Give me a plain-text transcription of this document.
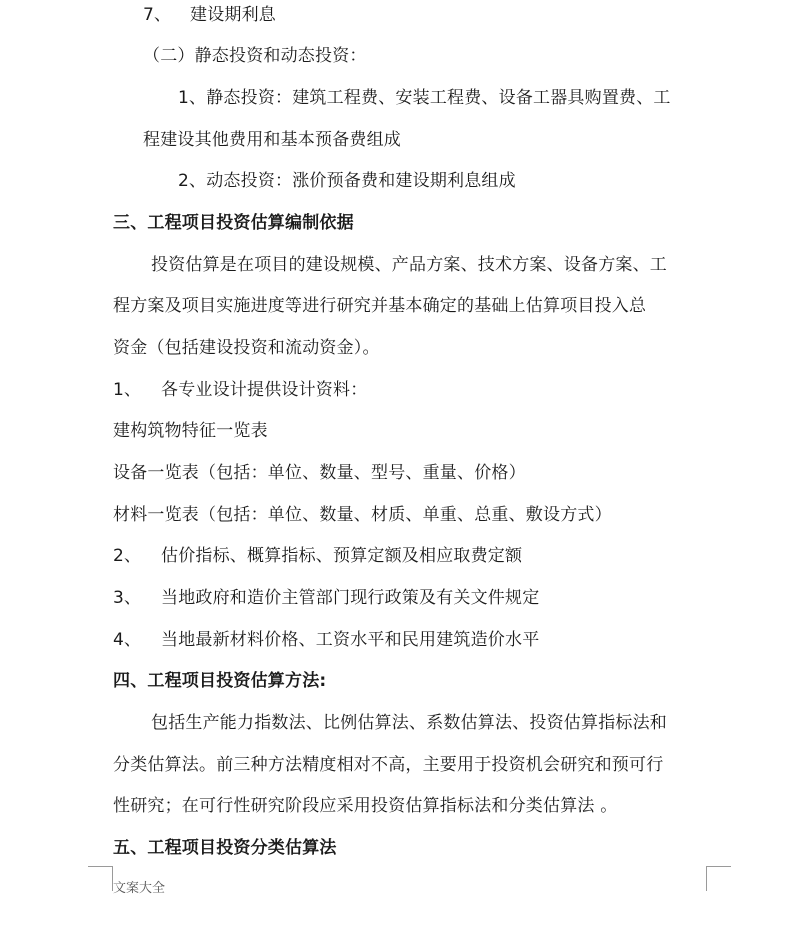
7、 建设期利息
（二）静态投资和动态投资：
1、静态投资：建筑工程费、安装工程费、设备工器具购置费、工
程建设其他费用和基本预备费组成
2、动态投资：涨价预备费和建设期利息组成
三、工程项目投资估算编制依据
投资估算是在项目的建设规模、产品方案、技术方案、设备方案、工
程方案及项目实施进度等进行研究并基本确定的基础上估算项目投入总
资金（包括建设投资和流动资金）。
1、 各专业设计提供设计资料：
建构筑物特征一览表
设备一览表（包括：单位、数量、型号、重量、价格）
材料一览表（包括：单位、数量、材质、单重、总重、敷设方式）
2、 估价指标、概算指标、预算定额及相应取费定额
3、 当地政府和造价主管部门现行政策及有关文件规定
4、 当地最新材料价格、工资水平和民用建筑造价水平
四、工程项目投资估算方法:
包括生产能力指数法、比例估算法、系数估算法、投资估算指标法和
分类估算法。前三种方法精度相对不高，主要用于投资机会研究和预可行
性研究；在可行性研究阶段应采用投资估算指标法和分类估算法 。
五、工程项目投资分类估算法
文案大全
